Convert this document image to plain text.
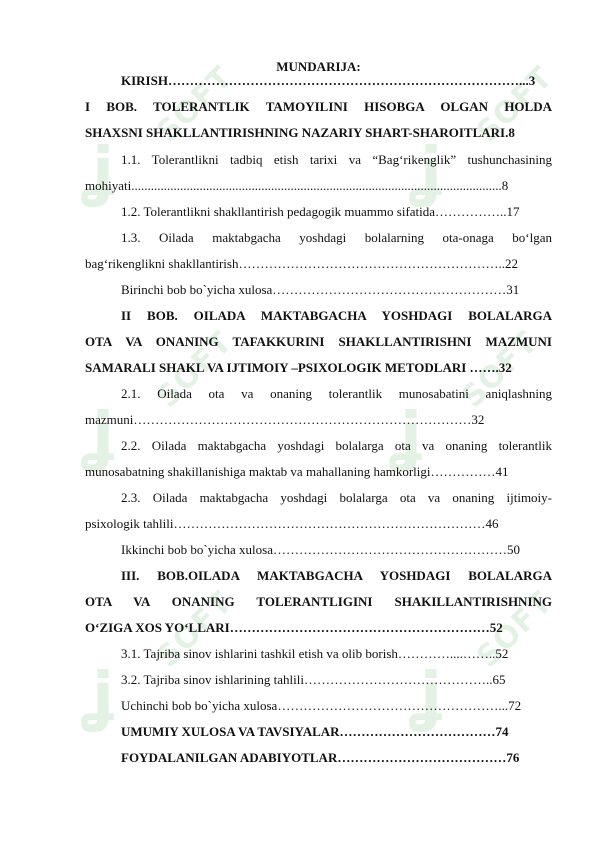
ʝ
SOFT
ʝ
SOFT
ʝ
SOFT
ʝ
SOFT
ʝ
SOFT
ʝ
SOFT
MUNDARIJA:
KIRISH………………………………………………………………………...3
I BOB. TOLERANTLIK TAMOYILINI HISOBGA OLGAN HOLDA
SHAXSNI SHAKLLANTIRISHNING NAZARIY SHART-SHAROITLARI.8
1.1. Tolerantlikni tadbiq etish tarixi va “Bag‘rikenglik” tushunchasining
mohiyati..................................................................................................................8
1.2. Tolerantlikni shakllantirish pedagogik muammo sifatida……………..17
1.3. Oilada maktabgacha yoshdagi bolalarning ota-onaga bo‘lgan
bag‘rikenglikni shakllantirish……………………………………………………..22
Birinchi bob bo`yicha xulosa………………………………………………31
II BOB. OILADA MAKTABGACHA YOSHDAGI BOLALARGA
OTA VA ONANING TAFAKKURINI SHAKLLANTIRISHNI MAZMUNI
SAMARALI SHAKL VA IJTIMOIY –PSIXOLOGIK METODLARI …….32
2.1. Oilada ota va onaning tolerantlik munosabatini aniqlashning
mazmuni……………………………………………………………………32
2.2. Oilada maktabgacha yoshdagi bolalarga ota va onaning tolerantlik
munosabatning shakillanishiga maktab va mahallaning hamkorligi……………41
2.3. Oilada maktabgacha yoshdagi bolalarga ota va onaning ijtimoiy-
psixologik tahlili………………………………………………………………46
Ikkinchi bob bo`yicha xulosa………………………………………………50
III. BOB.OILADA MAKTABGACHA YOSHDAGI BOLALARGA
OTA VA ONANING TOLERANTLIGINI SHAKILLANTIRISHNING
O‘ZIGA XOS YO‘LLARI……………………………………………………52
3.1. Tajriba sinov ishlarini tashkil etish va olib borish…………....……..52
3.2. Tajriba sinov ishlarining tahlili……………………………………..65
Uchinchi bob bo`yicha xulosa……………………………………………...72
UMUMIY XULOSA VA TAVSIYALAR………………………………74
FOYDALANILGAN ADABIYOTLAR…………………………………76
